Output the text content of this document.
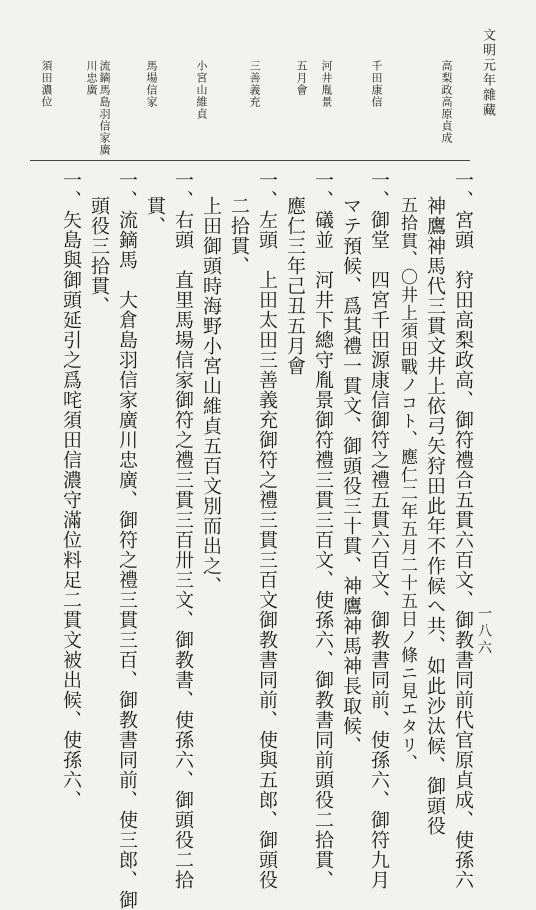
文明元年雜藏
一八六
高梨政高原貞成
千田康信
河井胤景
五月會
三善義充
小宮山維貞
馬場信家
流鏑馬島羽信家廣川忠廣
須田濃位
一、宮頭　狩田高梨政高、御符禮合五貫六百文、御教書同前代官原貞成、使孫六
神鷹神馬代三貫文井上依弓矢狩田此年不作候へ共、如此沙汰候、御頭役
五拾貫、〇井上須田戰ノコト、應仁二年五月二十五日ノ條ニ見エタリ、
一、御堂　四宮千田源康信御符之禮五貫六百文、御教書同前、使孫六、御符九月
マテ預候、爲其禮一貫文、御頭役三十貫、神鷹神馬神長取候、
一、礒並　河井下總守胤景御符禮三貫三百文、使孫六、御教書同前頭役二拾貫、
應仁三年己丑五月會
一、左頭　上田太田三善義充御符之禮三貫三百文御教書同前、使與五郎、御頭役
二拾貫、
上田御頭時海野小宮山維貞五百文別而出之、
一、右頭　直里馬場信家御符之禮三貫三百卅三文、御教書、使孫六、御頭役二拾
貫、
一、流鏑馬　大倉島羽信家廣川忠廣、御符之禮三貫三百、御教書同前、使三郎、御
頭役三拾貫、
一、矢島與御頭延引之爲咤須田信濃守滿位料足二貫文被出候、使孫六、
